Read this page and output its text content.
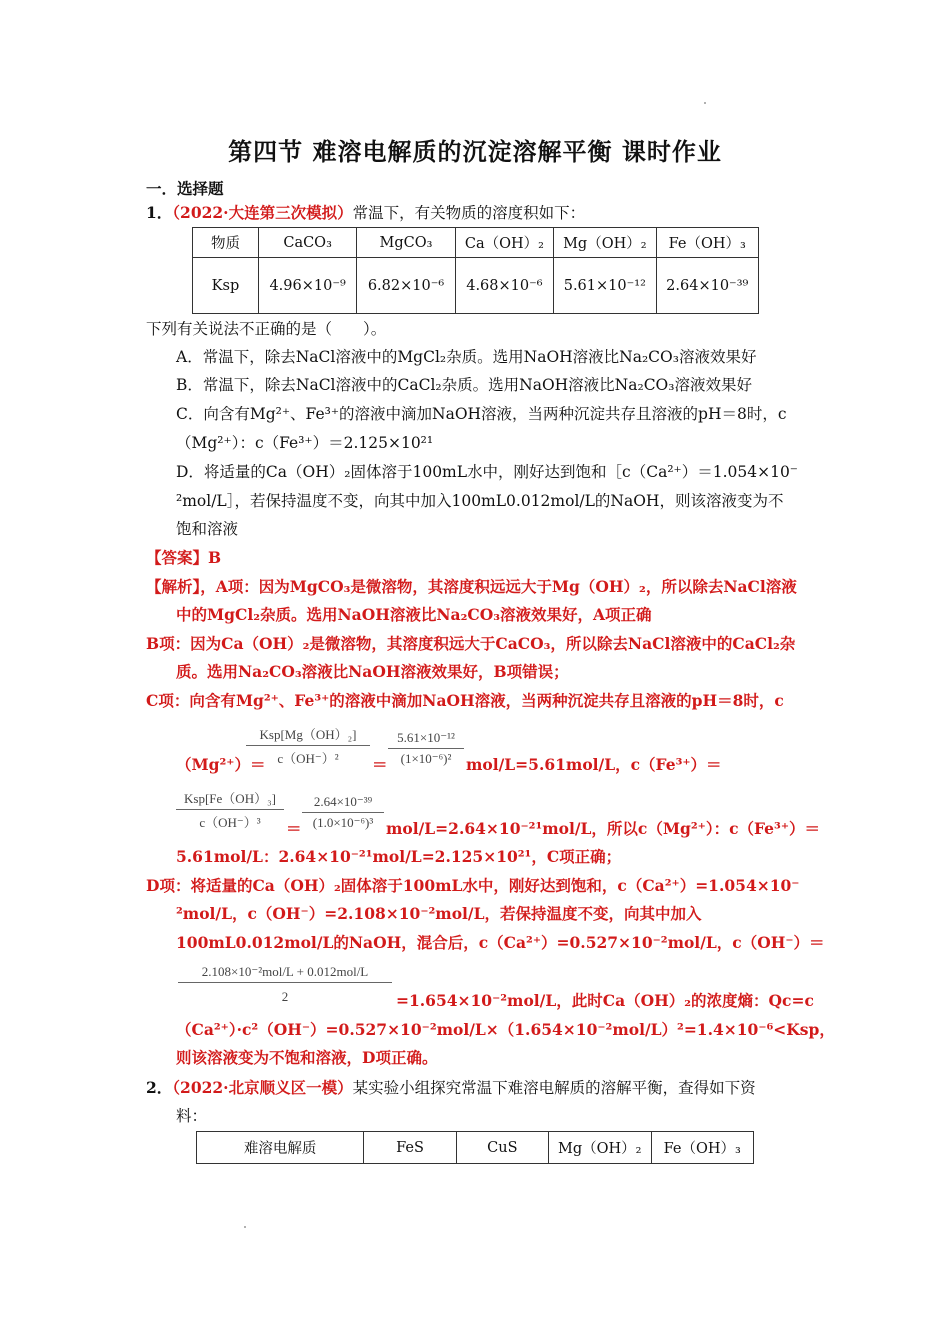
第四节 难溶电解质的沉淀溶解平衡 课时作业
一．选择题
1．（2022·大连第三次模拟）常温下，有关物质的溶度积如下：
物质	CaCO₃	MgCO₃	Ca（OH）₂	Mg（OH）₂	Fe（OH）₃
Ksp	4.96×10⁻⁹	6.82×10⁻⁶	4.68×10⁻⁶	5.61×10⁻¹²	2.64×10⁻³⁹
下列有关说法不正确的是（　　）。
A．常温下，除去NaCl溶液中的MgCl₂杂质。选用NaOH溶液比Na₂CO₃溶液效果好
B．常温下，除去NaCl溶液中的CaCl₂杂质。选用NaOH溶液比Na₂CO₃溶液效果好
C．向含有Mg²⁺、Fe³⁺的溶液中滴加NaOH溶液，当两种沉淀共存且溶液的pH＝8时，c
（Mg²⁺）：c（Fe³⁺）＝2.125×10²¹
D．将适量的Ca（OH）₂固体溶于100mL水中，刚好达到饱和［c（Ca²⁺）＝1.054×10⁻
²mol/L］，若保持温度不变，向其中加入100mL0.012mol/L的NaOH，则该溶液变为不
饱和溶液
【答案】B
【解析】，A项：因为MgCO₃是微溶物，其溶度积远远大于Mg（OH）₂，所以除去NaCl溶液
中的MgCl₂杂质。选用NaOH溶液比Na₂CO₃溶液效果好，A项正确
B项：因为Ca（OH）₂是微溶物，其溶度积远大于CaCO₃，所以除去NaCl溶液中的CaCl₂杂
质。选用Na₂CO₃溶液比NaOH溶液效果好，B项错误；
C项：向含有Mg²⁺、Fe³⁺的溶液中滴加NaOH溶液，当两种沉淀共存且溶液的pH＝8时，c
Ksp[Mg（OH）₂]
c（OH⁻）²	$\frac{\text{5.61×10⁻¹²}}{\text{(1×10⁻⁶)²}}$
（Mg²⁺）＝	＝	mol/L=5.61mol/L，c（Fe³⁺）＝
Ksp[Fe（OH）₃]
c（OH⁻）³	$\frac{\text{2.64×10⁻³⁹}}{\text{(1.0×10⁻⁶)³}}$
＝	mol/L=2.64×10⁻²¹mol/L，所以c（Mg²⁺）：c（Fe³⁺）＝
5.61mol/L：2.64×10⁻²¹mol/L=2.125×10²¹，C项正确；
D项：将适量的Ca（OH）₂固体溶于100mL水中，刚好达到饱和，c（Ca²⁺）=1.054×10⁻
²mol/L，c（OH⁻）=2.108×10⁻²mol/L，若保持温度不变，向其中加入
100mL0.012mol/L的NaOH，混合后，c（Ca²⁺）=0.527×10⁻²mol/L，c（OH⁻）＝
2.108×10⁻²mol/L + 0.012mol/L
2	=1.654×10⁻²mol/L，此时Ca（OH）₂的浓度熵：Qc=c
（Ca²⁺）·c²（OH⁻）=0.527×10⁻²mol/L×（1.654×10⁻²mol/L）²=1.4×10⁻⁶<Ksp，
则该溶液变为不饱和溶液，D项正确。
2．（2022·北京顺义区一模）某实验小组探究常温下难溶电解质的溶解平衡，查得如下资
料：
难溶电解质	FeS	CuS	Mg（OH）₂	Fe（OH）₃
